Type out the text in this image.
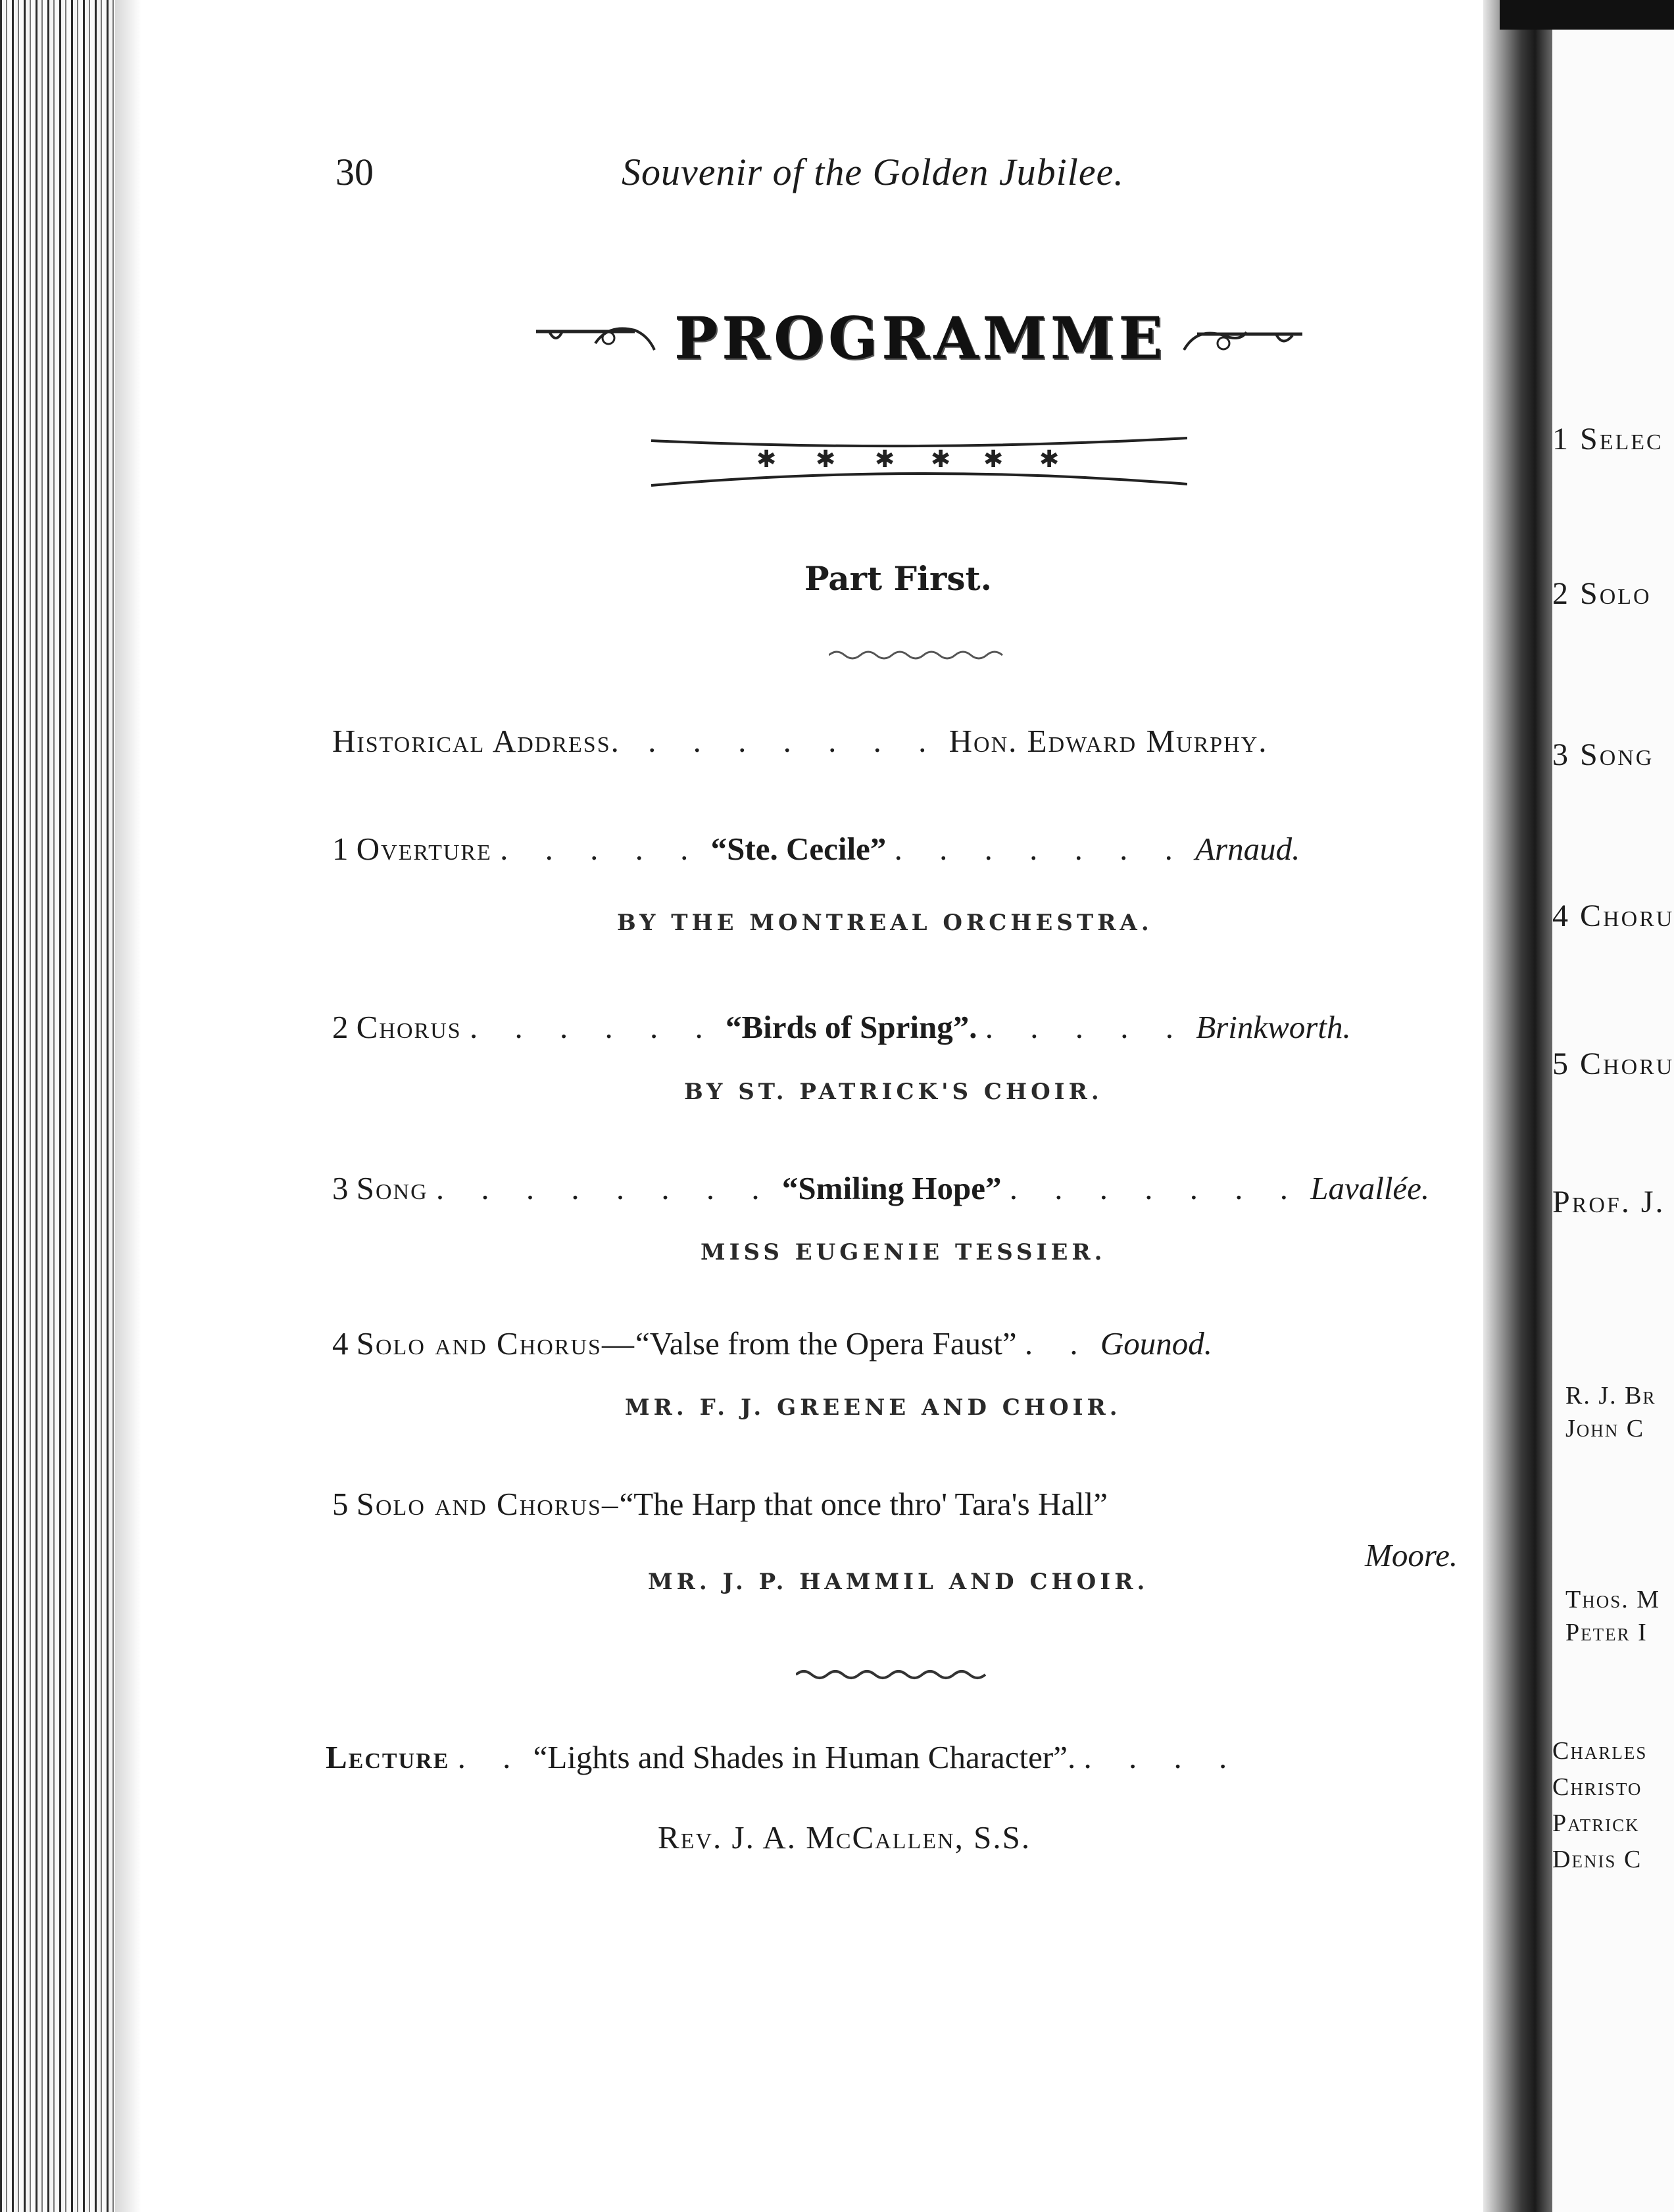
30	Souvenir of the Golden Jubilee.
PROGRAMME
✱ ✱ ✱ ✱ ✱ ✱
Part First.
Historical Address. . . . . . . . Hon. Edward Murphy.
1 Overture . . . . . “Ste. Cecile” . . . . . . . Arnaud.
BY THE MONTREAL ORCHESTRA.
2 Chorus . . . . . . “Birds of Spring”. . . . . . Brinkworth.
BY ST. PATRICK'S CHOIR.
3 Song . . . . . . . . “Smiling Hope” . . . . . . . Lavallée.
MISS EUGENIE TESSIER.
4 Solo and Chorus—“Valse from the Opera Faust” . . Gounod.
MR. F. J. GREENE AND CHOIR.
5 Solo and Chorus–“The Harp that once thro' Tara's Hall”
Moore.
MR. J. P. HAMMIL AND CHOIR.
Lecture . . “Lights and Shades in Human Character”. . . . .
Rev. J. A. McCallen, S.S.
1 Selec
2 Solo
3 Song
4 Choru
5 Choru
Prof. J.
R. J. Br
John C
Thos. M
Peter I
Charles
Christo
Patrick
Denis C
